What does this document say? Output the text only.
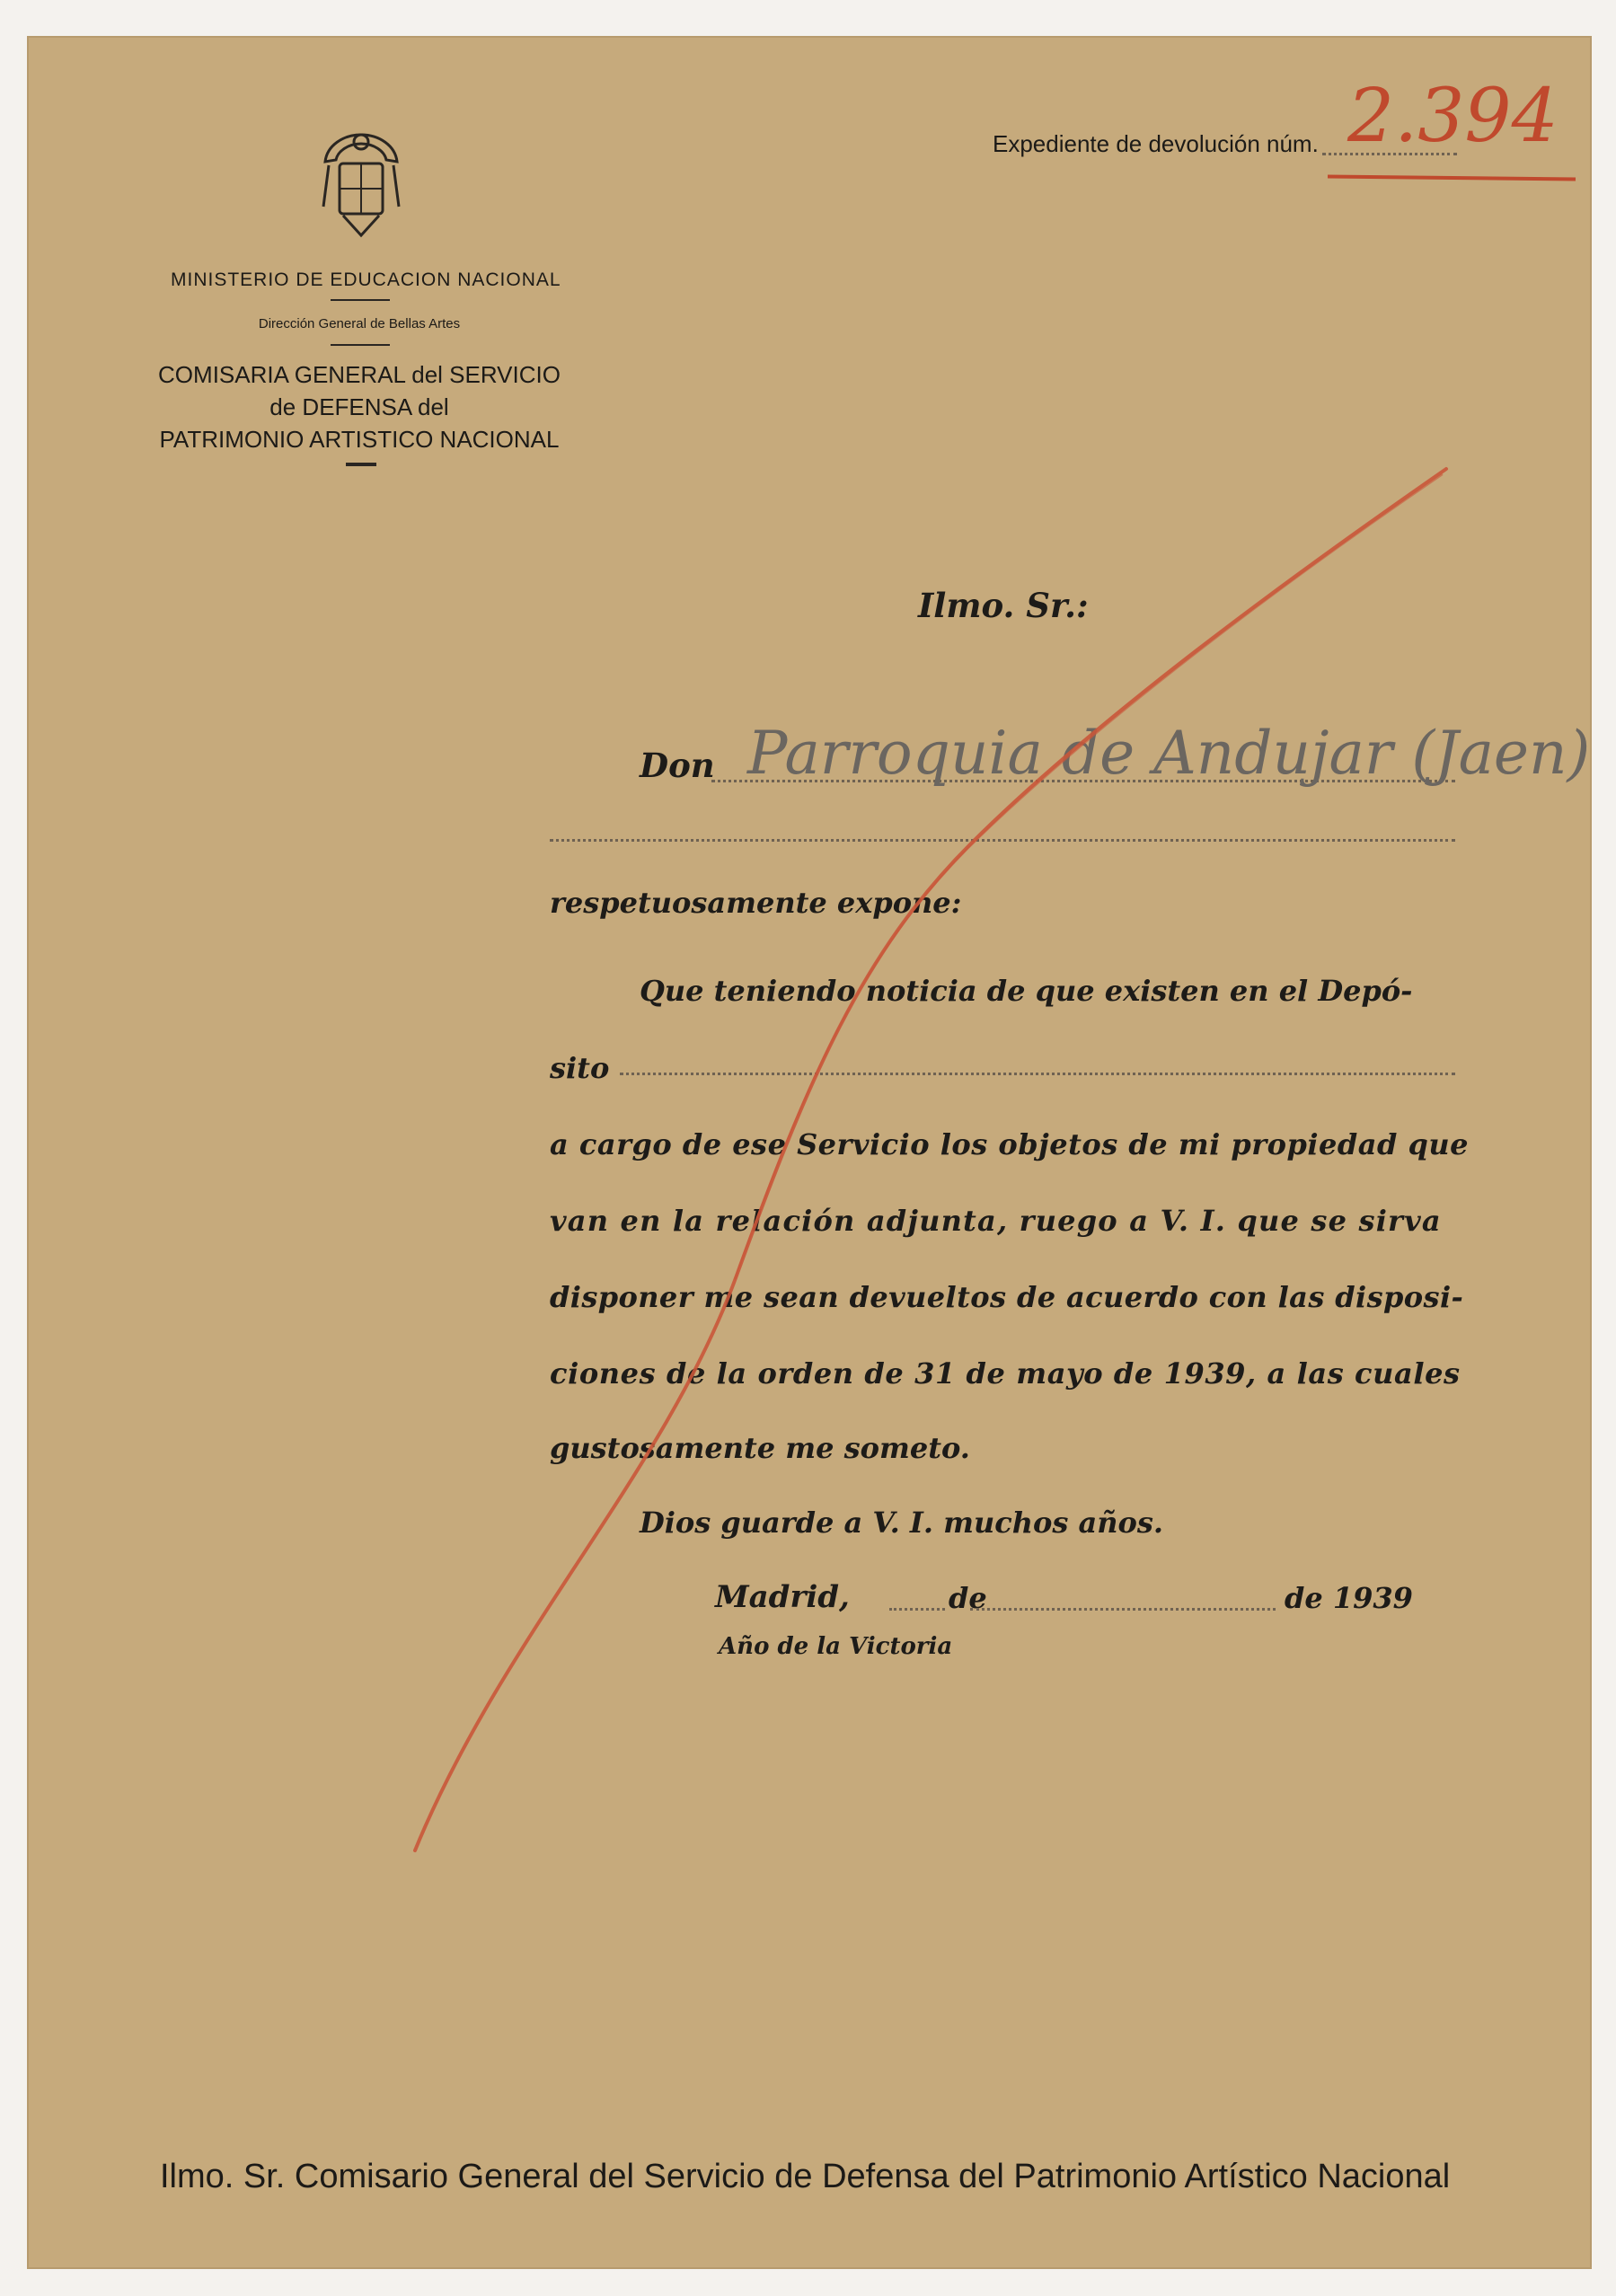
MINISTERIO DE EDUCACION NACIONAL
Dirección General de Bellas Artes
COMISARIA GENERAL del SERVICIO
de DEFENSA del
PATRIMONIO ARTISTICO NACIONAL
Expediente de devolución núm. 2.394
Ilmo. Sr.:
Don Parroquia de Andujar (Jaen)
respetuosamente expone:
Que teniendo noticia de que existen en el Depó-
sito
a cargo de ese Servicio los objetos de mi propiedad que
van en la relación adjunta, ruego a V. I. que se sirva
disponer me sean devueltos de acuerdo con las disposi-
ciones de la orden de 31 de mayo de 1939, a las cuales
gustosamente me someto.
Dios guarde a V. I. muchos años.
Madrid,	de	de 1939
Año de la Victoria
Ilmo. Sr. Comisario General del Servicio de Defensa del Patrimonio Artístico Nacional
